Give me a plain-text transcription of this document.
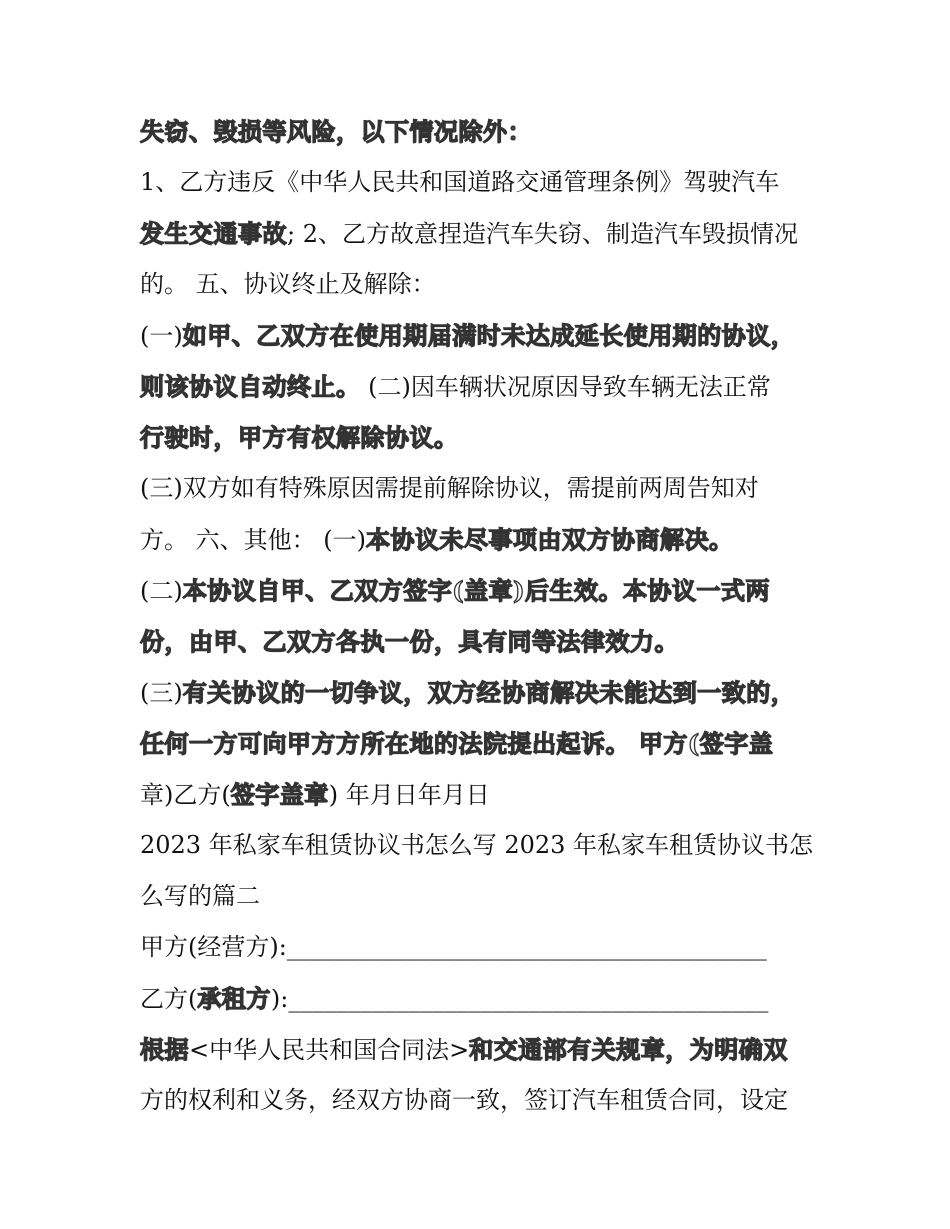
失窃、毁损等风险，以下情况除外：
1、乙方违反《中华人民共和国道路交通管理条例》驾驶汽车
发生交通事故; 2、乙方故意捏造汽车失窃、制造汽车毁损情况
的。 五、协议终止及解除：
(一)如甲、乙双方在使用期届满时未达成延长使用期的协议，
则该协议自动终止。 (二)因车辆状况原因导致车辆无法正常
行驶时，甲方有权解除协议。
(三)双方如有特殊原因需提前解除协议，需提前两周告知对
方。 六、其他： (一)本协议未尽事项由双方协商解决。
(二)本协议自甲、乙双方签字(盖章)后生效。本协议一式两
份，由甲、乙双方各执一份，具有同等法律效力。
(三)有关协议的一切争议，双方经协商解决未能达到一致的，
任何一方可向甲方方所在地的法院提出起诉。 甲方(签字盖
章)乙方(签字盖章) 年月日年月日
2023 年私家车租赁协议书怎么写 2023 年私家车租赁协议书怎
么写的篇二
甲方(经营方):________________________________________
乙方(承租方):________________________________________
根据<中华人民共和国合同法>和交通部有关规章，为明确双
方的权利和义务，经双方协商一致，签订汽车租赁合同，设定
